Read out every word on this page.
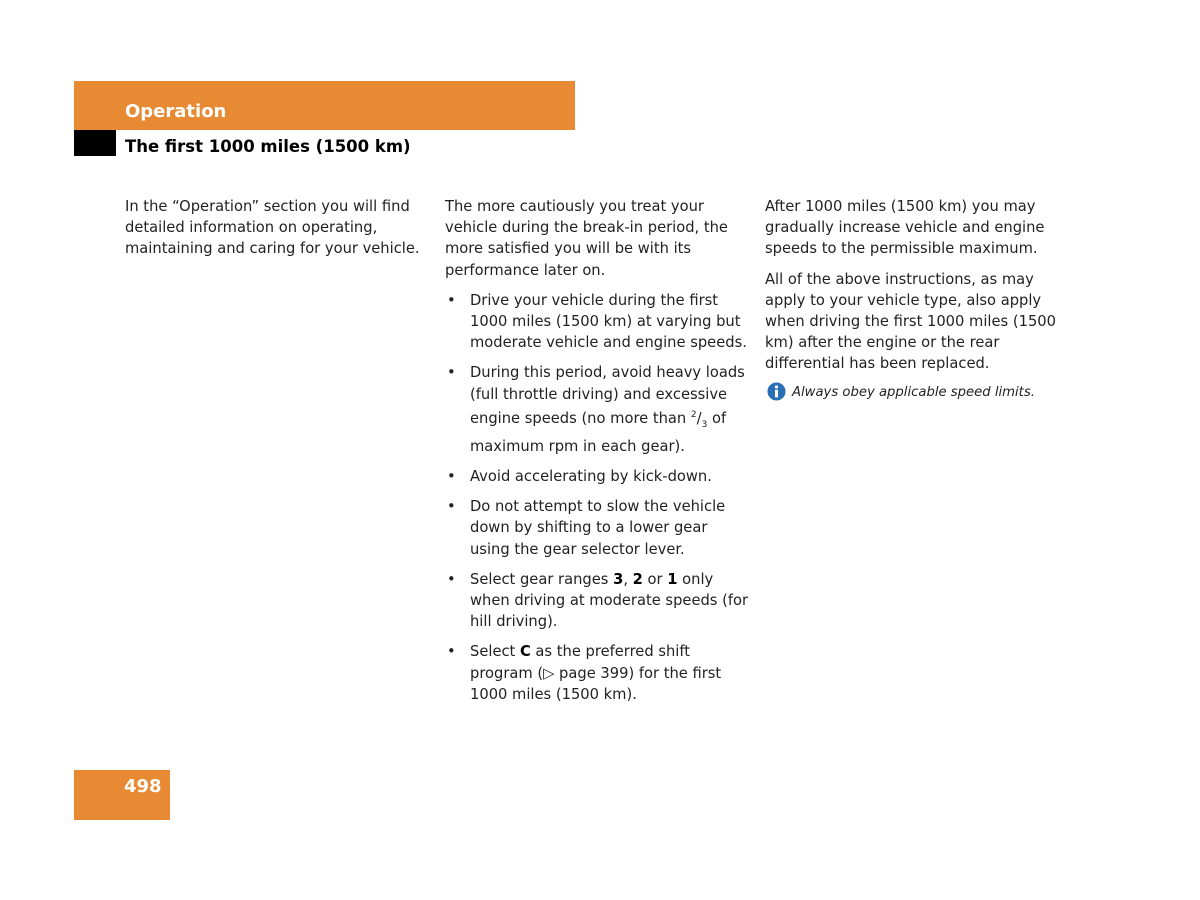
Operation
The first 1000 miles (1500 km)

In the “Operation” section you will find detailed information on operating, maintaining and caring for your vehicle.

The more cautiously you treat your vehicle during the break-in period, the more satisfied you will be with its performance later on.

• Drive your vehicle during the first 1000 miles (1500 km) at varying but moderate vehicle and engine speeds.
• During this period, avoid heavy loads (full throttle driving) and excessive engine speeds (no more than $^2/_3$ of maximum rpm in each gear).
• Avoid accelerating by kick-down.
• Do not attempt to slow the vehicle down by shifting to a lower gear using the gear selector lever.
• Select gear ranges 3, 2 or 1 only when driving at moderate speeds (for hill driving).
• Select C as the preferred shift program (▷ page 399) for the first 1000 miles (1500 km).

After 1000 miles (1500 km) you may gradually increase vehicle and engine speeds to the permissible maximum.

All of the above instructions, as may apply to your vehicle type, also apply when driving the first 1000 miles (1500 km) after the engine or the rear differential has been replaced.

Always obey applicable speed limits.
498
